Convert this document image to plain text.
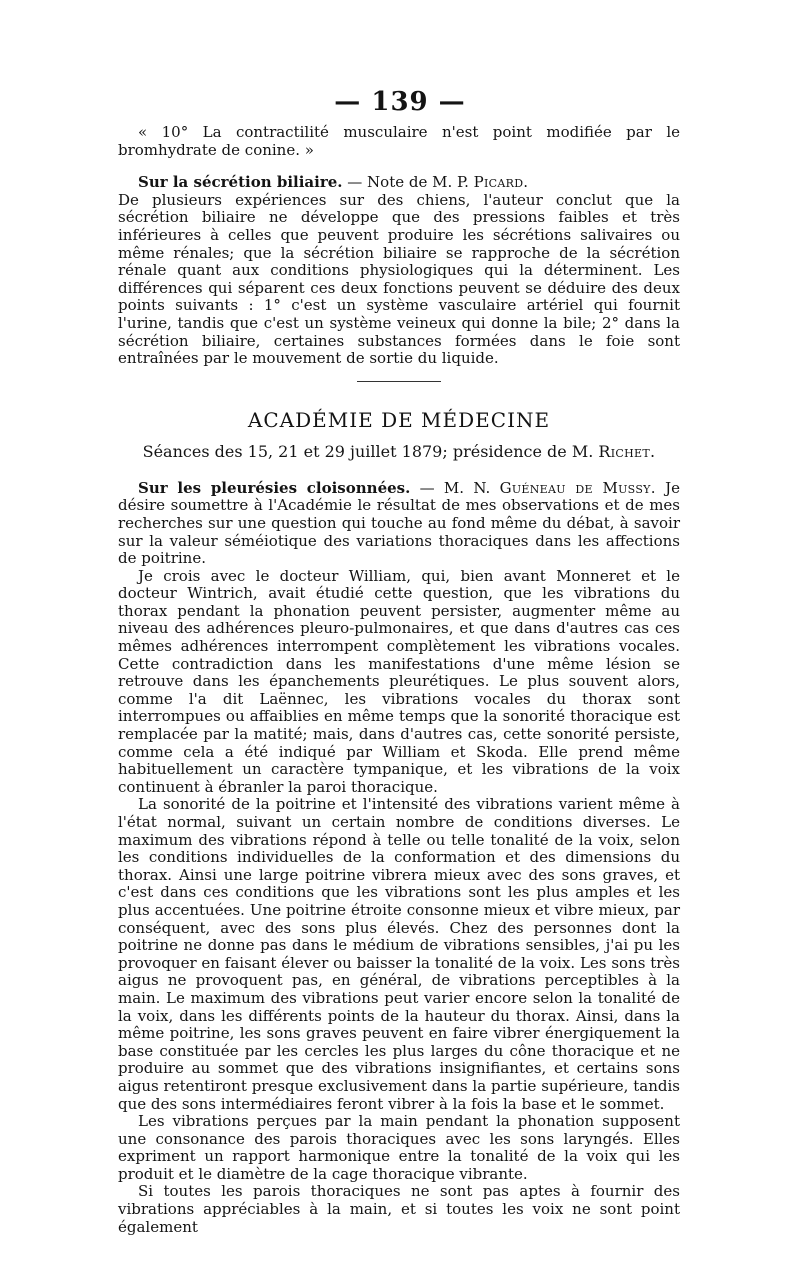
— 139 —

« 10° La contractilité musculaire n'est point modifiée par le bromhydrate de conine. »

Sur la sécrétion biliaire. — Note de M. P. Picard.

De plusieurs expériences sur des chiens, l'auteur conclut que la sécrétion biliaire ne développe que des pressions faibles et très inférieures à celles que peuvent produire les sécrétions salivaires ou même rénales; que la sécrétion biliaire se rapproche de la sécrétion rénale quant aux conditions physiologiques qui la déterminent. Les différences qui séparent ces deux fonctions peuvent se déduire des deux points suivants : 1° c'est un système vasculaire artériel qui fournit l'urine, tandis que c'est un système veineux qui donne la bile; 2° dans la sécrétion biliaire, certaines substances formées dans le foie sont entraînées par le mouvement de sortie du liquide.

ACADÉMIE DE MÉDECINE
Séances des 15, 21 et 29 juillet 1879; présidence de M. Richet.

Sur les pleurésies cloisonnées. — M. N. Guéneau de Mussy. Je désire soumettre à l'Académie le résultat de mes observations et de mes recherches sur une question qui touche au fond même du débat, à savoir sur la valeur séméiotique des variations thoraciques dans les affections de poitrine.

Je crois avec le docteur William, qui, bien avant Monneret et le docteur Wintrich, avait étudié cette question, que les vibrations du thorax pendant la phonation peuvent persister, augmenter même au niveau des adhérences pleuro-pulmonaires, et que dans d'autres cas ces mêmes adhérences interrompent complètement les vibrations vocales. Cette contradiction dans les manifestations d'une même lésion se retrouve dans les épanchements pleurétiques. Le plus souvent alors, comme l'a dit Laënnec, les vibrations vocales du thorax sont interrompues ou affaiblies en même temps que la sonorité thoracique est remplacée par la matité; mais, dans d'autres cas, cette sonorité persiste, comme cela a été indiqué par William et Skoda. Elle prend même habituellement un caractère tympanique, et les vibrations de la voix continuent à ébranler la paroi thoracique.

La sonorité de la poitrine et l'intensité des vibrations varient même à l'état normal, suivant un certain nombre de conditions diverses. Le maximum des vibrations répond à telle ou telle tonalité de la voix, selon les conditions individuelles de la conformation et des dimensions du thorax. Ainsi une large poitrine vibrera mieux avec des sons graves, et c'est dans ces conditions que les vibrations sont les plus amples et les plus accentuées. Une poitrine étroite consonne mieux et vibre mieux, par conséquent, avec des sons plus élevés. Chez des personnes dont la poitrine ne donne pas dans le médium de vibrations sensibles, j'ai pu les provoquer en faisant élever ou baisser la tonalité de la voix. Les sons très aigus ne provoquent pas, en général, de vibrations perceptibles à la main. Le maximum des vibrations peut varier encore selon la tonalité de la voix, dans les différents points de la hauteur du thorax. Ainsi, dans la même poitrine, les sons graves peuvent en faire vibrer énergiquement la base constituée par les cercles les plus larges du cône thoracique et ne produire au sommet que des vibrations insignifiantes, et certains sons aigus retentiront presque exclusivement dans la partie supérieure, tandis que des sons intermédiaires feront vibrer à la fois la base et le sommet.

Les vibrations perçues par la main pendant la phonation supposent une consonance des parois thoraciques avec les sons laryngés. Elles expriment un rapport harmonique entre la tonalité de la voix qui les produit et le diamètre de la cage thoracique vibrante.

Si toutes les parois thoraciques ne sont pas aptes à fournir des vibrations appréciables à la main, et si toutes les voix ne sont point également
